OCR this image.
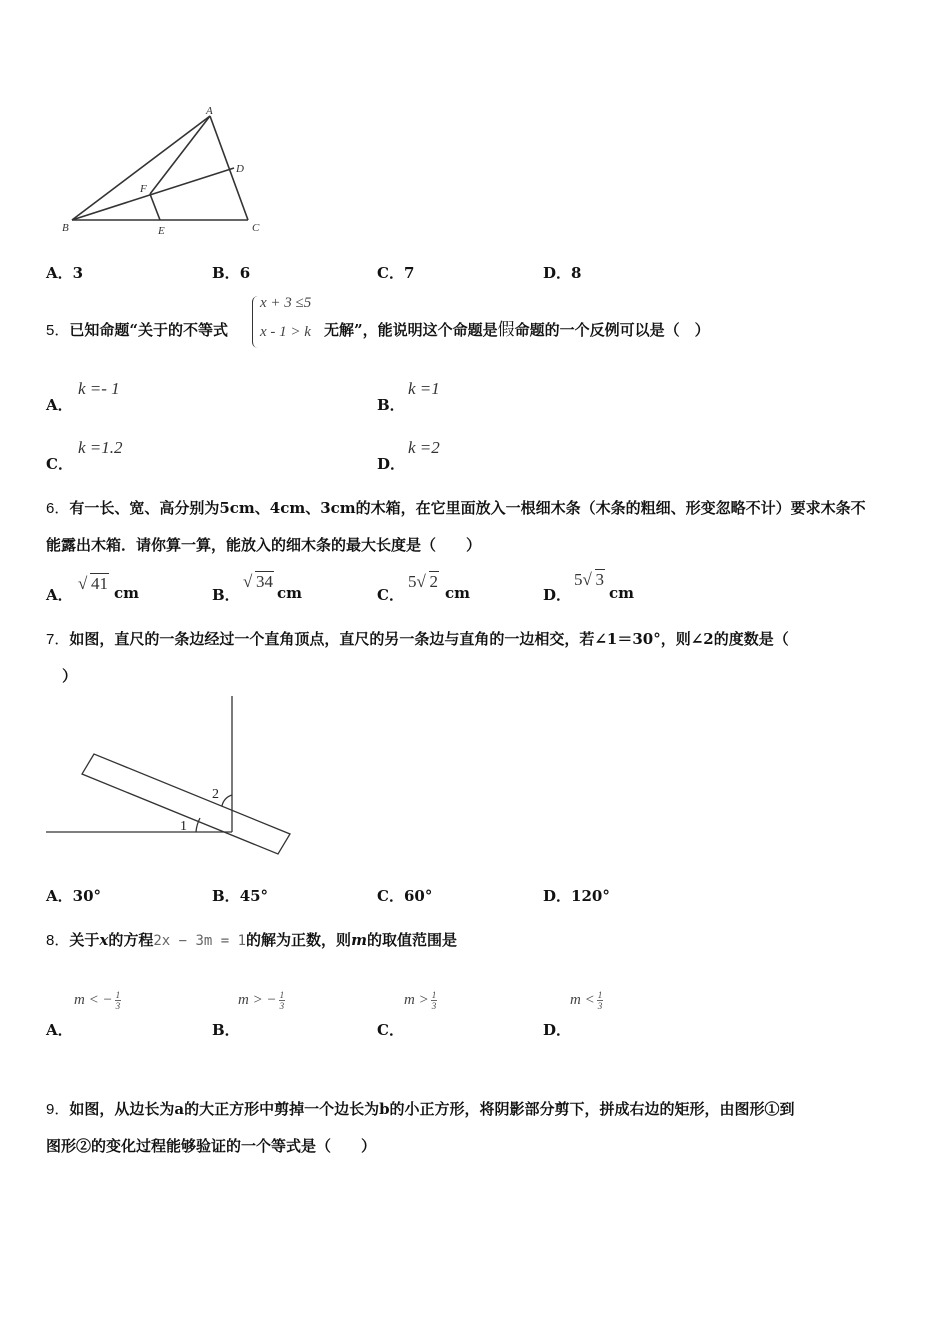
A
D
F
B	E	C
A．3	B．6	C．7	D．8
5．已知命题“关于的不等式
x + 3 ≤5
x - 1 > k 无解”，能说明这个命题是假命题的一个反例可以是（　）
A．
k =- 1
B．
k =1
C．
k =1.2
D．
k =2
6．有一长、宽、高分别为5cm、4cm、3cm的木箱，在它里面放入一根细木条（木条的粗细、形变忽略不计）要求木条不
能露出木箱．请你算一算，能放入的细木条的最大长度是（　　）
A．
√ 41 cm	B．
√ 34
cm	C．
5 √ 2
cm	D．
5 √ 3
cm
7．如图，直尺的一条边经过一个直角顶点，直尺的另一条边与直角的一边相交，若∠1＝30°，则∠2的度数是（
）
1
2
A．30°	B．45°	C．60°	D．120°
8．关于x的方程2x − 3m = 1的解为正数，则m的取值范围是
A．
m < − $\frac{1}{3}$
B．
m > − $\frac{1}{3}$
C．
$m > \frac{1}{3}$
D．
$m < \frac{1}{3}$
9．如图，从边长为a的大正方形中剪掉一个边长为b的小正方形，将阴影部分剪下，拼成右边的矩形，由图形①到
图形②的变化过程能够验证的一个等式是（　　）
